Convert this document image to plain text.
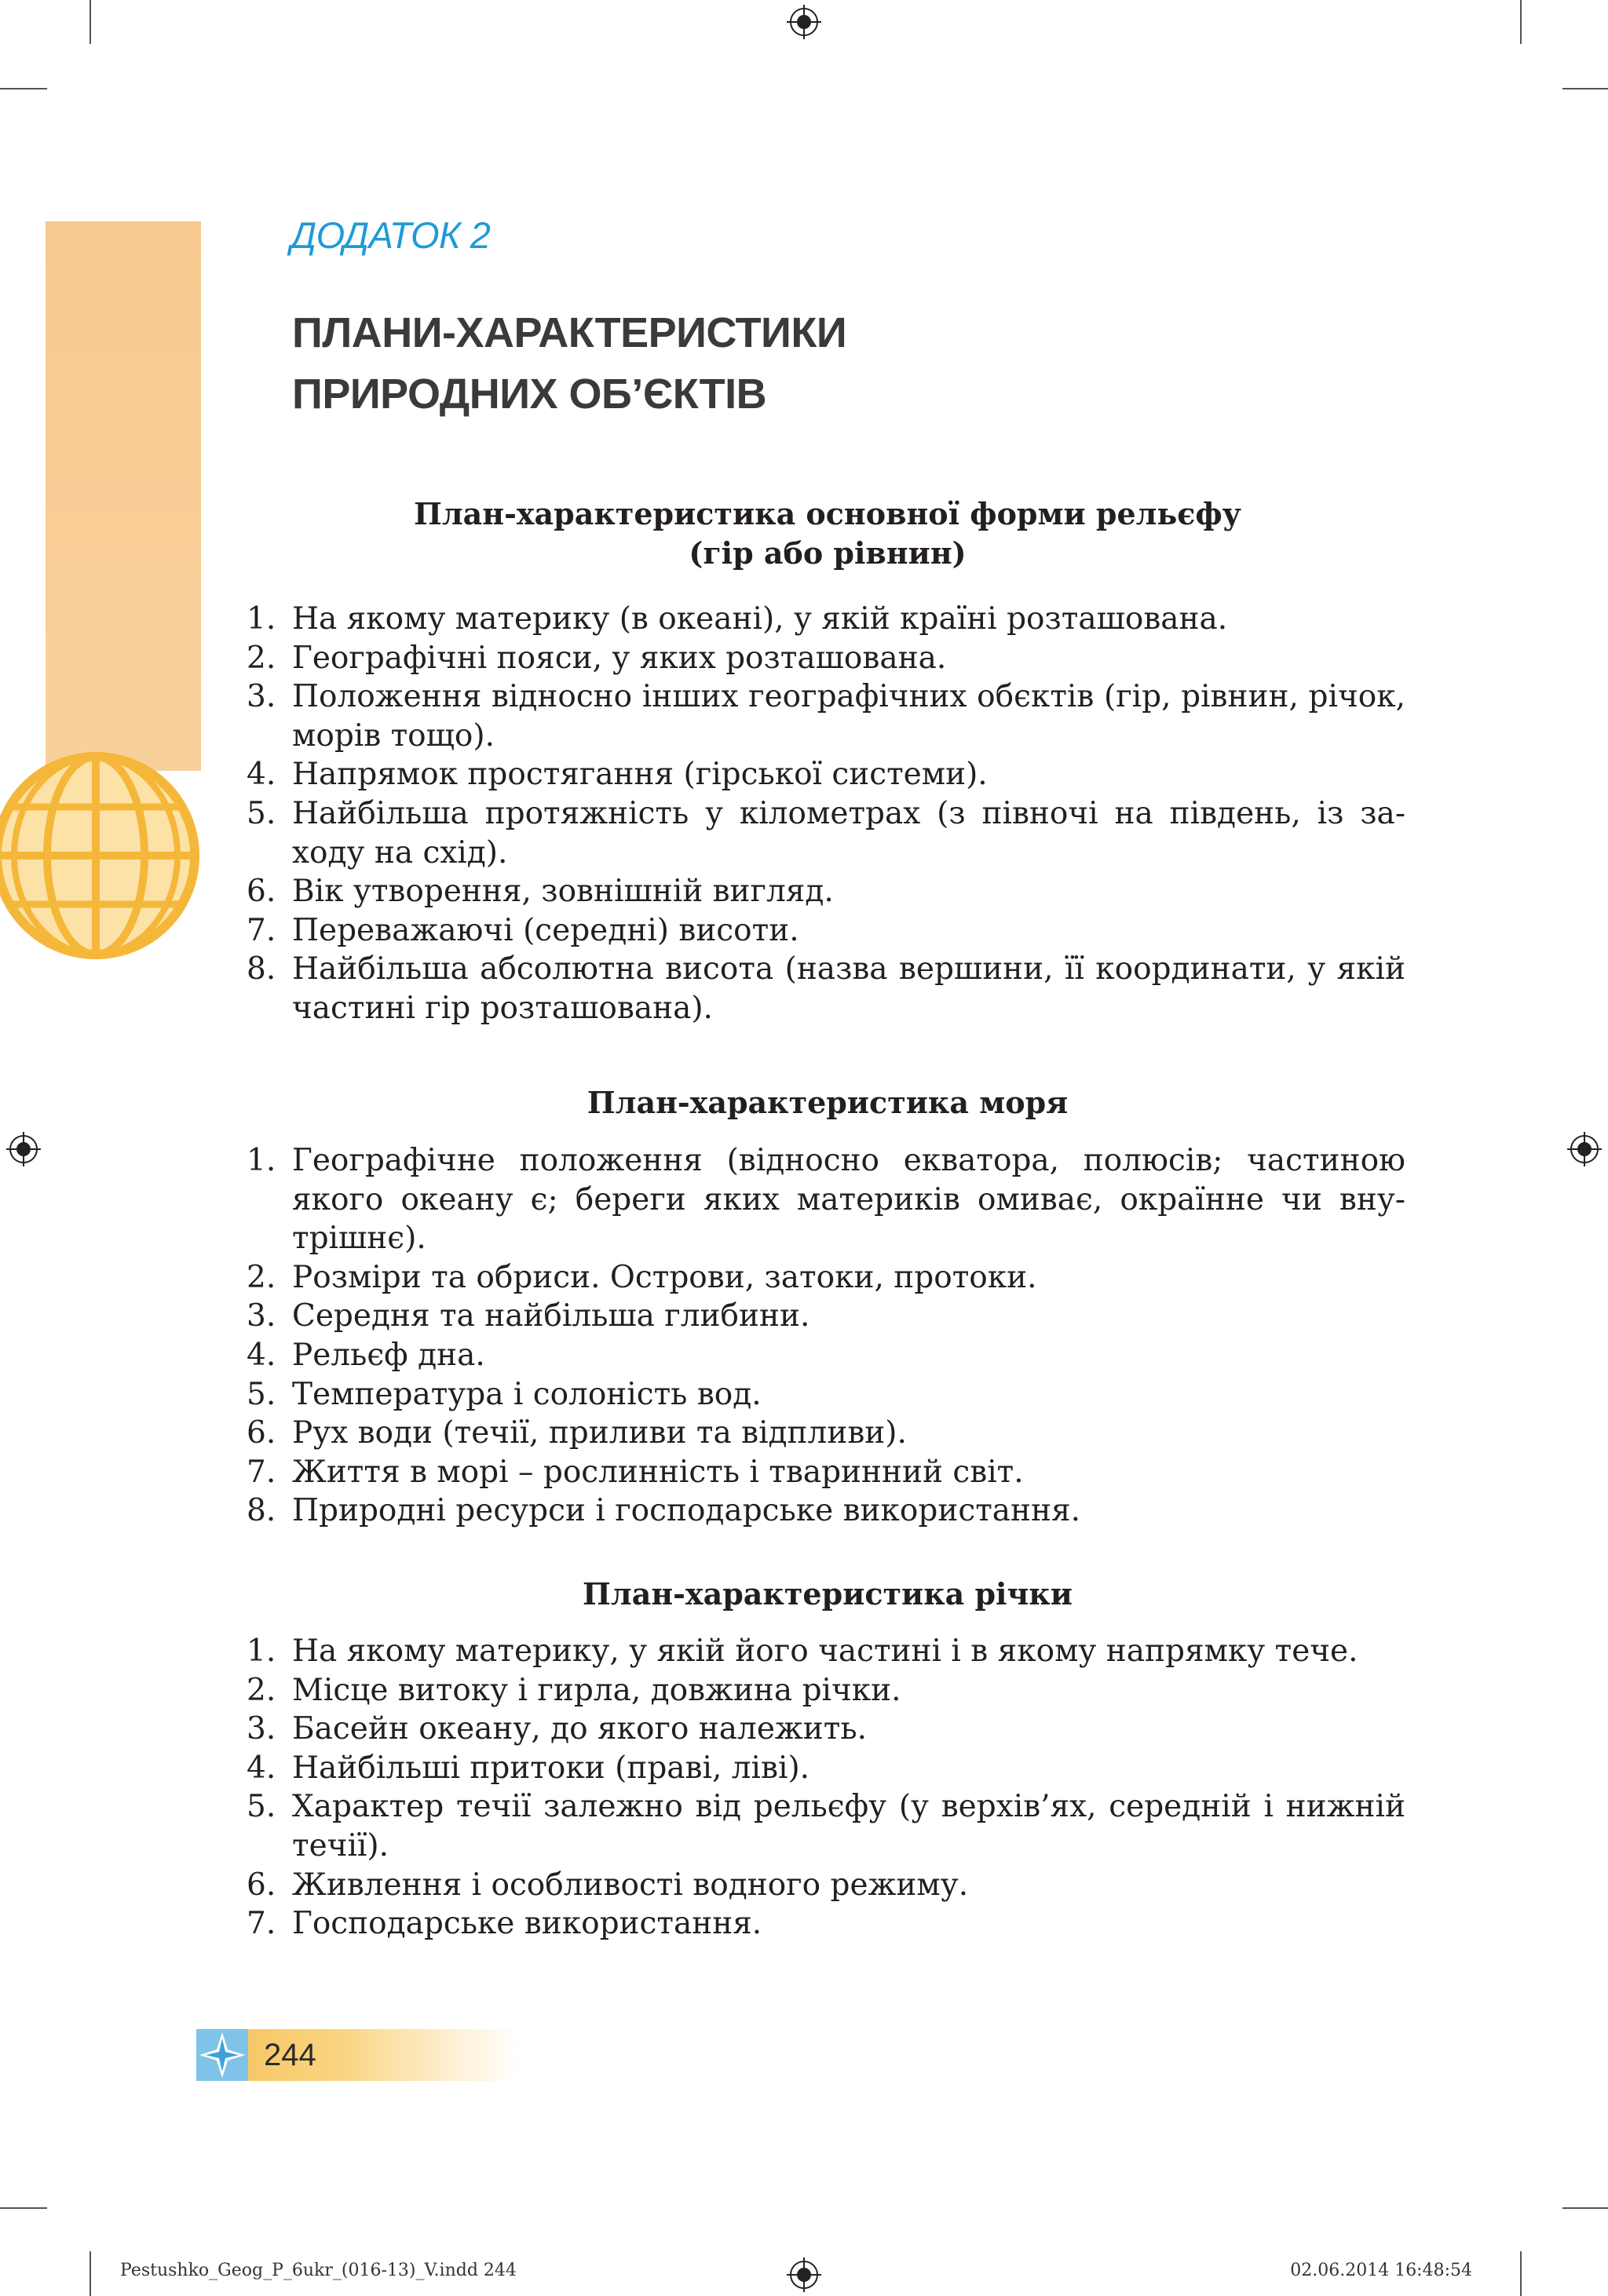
ДОДАТОК 2
ПЛАНИ-ХАРАКТЕРИСТИКИ
ПРИРОДНИХ ОБ’ЄКТІВ
План-характеристика основної форми рельєфу
(гір або рівнин)
1. На якому материку (в океані), у якій країні розташована.
2. Географічні пояси, у яких розташована.
3. Положення відносно інших географічних обєктів (гір, рівнин, річок, морів тощо).
4. Напрямок простягання (гірської системи).
5. Найбільша протяжність у кілометрах (з півночі на південь, із заходу на схід).
6. Вік утворення, зовнішній вигляд.
7. Переважаючі (середні) висоти.
8. Найбільша абсолютна висота (назва вершини, її координати, у якій частині гір розташована).
План-характеристика моря
1. Географічне положення (відносно екватора, полюсів; частиною якого океану є; береги яких материків омиває, окраїнне чи внутрішнє).
2. Розміри та обриси. Острови, затоки, протоки.
3. Середня та найбільша глибини.
4. Рельєф дна.
5. Температура і солоність вод.
6. Рух води (течії, приливи та відпливи).
7. Життя в морі – рослинність і тваринний світ.
8. Природні ресурси і господарське використання.
План-характеристика річки
1. На якому материку, у якій його частині і в якому напрямку тече.
2. Місце витоку і гирла, довжина річки.
3. Басейн океану, до якого належить.
4. Найбільші притоки (праві, ліві).
5. Характер течії залежно від рельєфу (у верхів’ях, середній і нижній течії).
6. Живлення і особливості водного режиму.
7. Господарське використання.
244
Pestushko_Geog_P_6ukr_(016-13)_V.indd 244	02.06.2014 16:48:54
